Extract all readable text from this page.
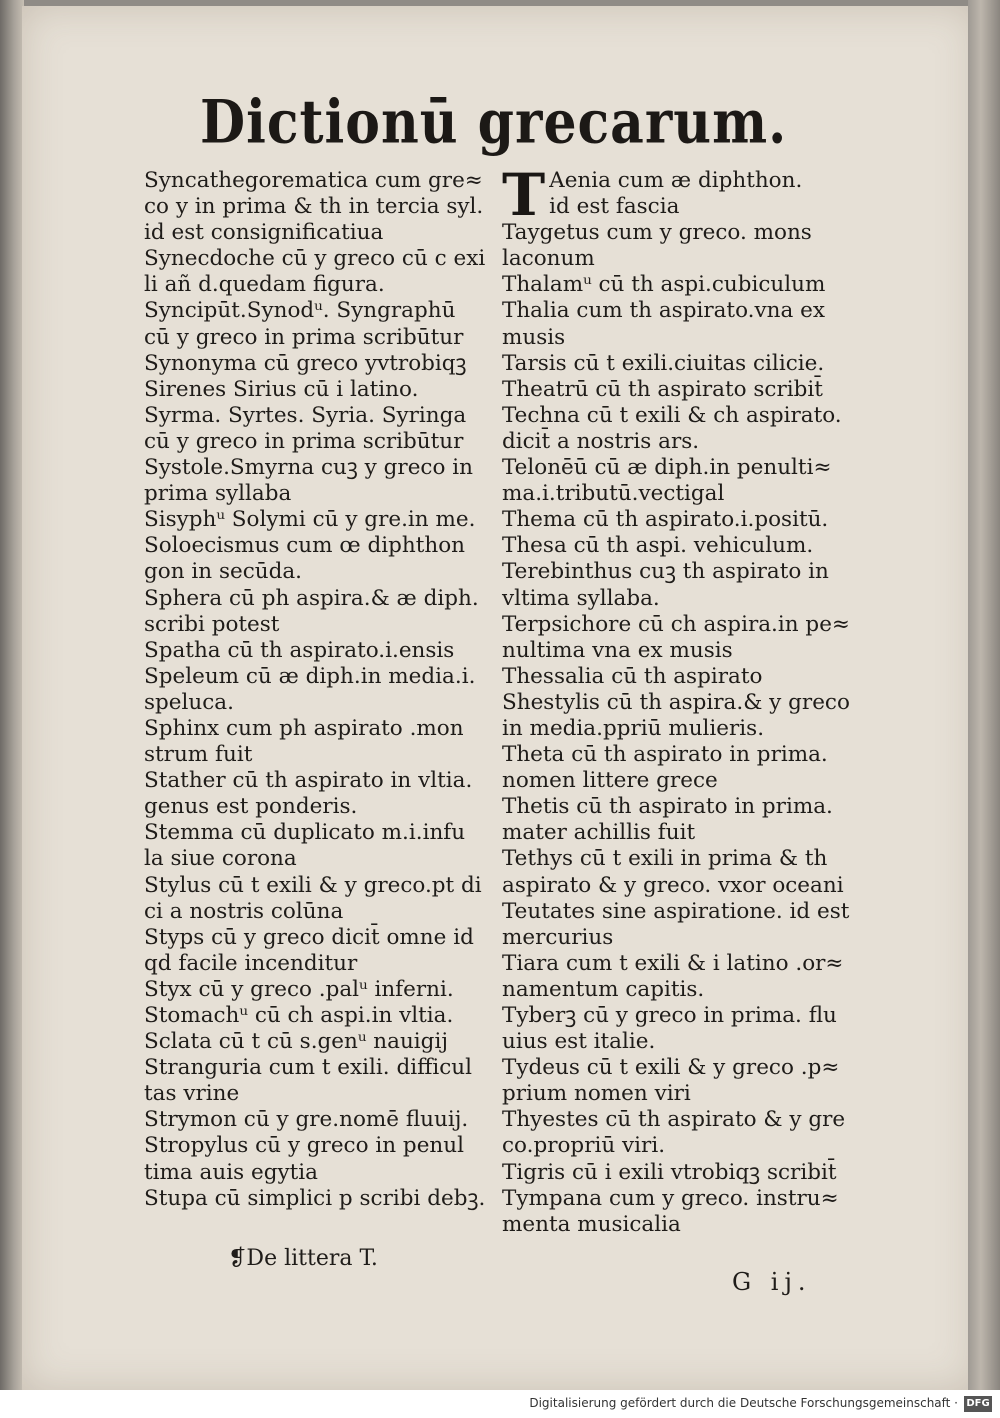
Dictionū grecarum.
Syncathegorematica cum gre≈
co y in prima & th in tercia syl.
id est consignificatiua
Synecdoche cū y greco cū c exi
li añ d.quedam figura.
Syncipūt.Synodᵘ. Syngraphū
cū y greco in prima scribūtur
Synonyma cū greco yvtrobiqꝫ
Sirenes Sirius cū i latino.
Syrma. Syrtes. Syria. Syringa
cū y greco in prima scribūtur
Systole.Smyrna cuꝫ y greco in
prima syllaba
Sisyphᵘ Solymi cū y gre.in me.
Soloecismus cum œ diphthon
gon in secūda.
Sphera cū ph aspira.& æ diph.
scribi potest
Spatha cū th aspirato.i.ensis
Speleum cū æ diph.in media.i.
speluca.
Sphinx cum ph aspirato .mon
strum fuit
Stather cū th aspirato in vltia.
genus est ponderis.
Stemma cū duplicato m.i.infu
la siue corona
Stylus cū t exili & y greco.pt di
ci a nostris colūna
Styps cū y greco dicit̄ omne id
qd facile incenditur
Styx cū y greco .palᵘ inferni.
Stomachᵘ cū ch aspi.in vltia.
Sclata cū t cū s.genᵘ nauigij
Stranguria cum t exili. difficul
tas vrine
Strymon cū y gre.nomē fluuij.
Stropylus cū y greco in penul
tima auis egytia
Stupa cū simplici p scribi debꝫ.
❡De littera T.
T Aenia cum æ diphthon.
id est fascia
Taygetus cum y greco. mons
laconum
Thalamᵘ cū th aspi.cubiculum
Thalia cum th aspirato.vna ex
musis
Tarsis cū t exili.ciuitas cilicie.
Theatrū cū th aspirato scribit̄
Techna cū t exili & ch aspirato.
dicit̄ a nostris ars.
Telonēū cū æ diph.in penulti≈
ma.i.tributū.vectigal
Thema cū th aspirato.i.positū.
Thesa cū th aspi. vehiculum.
Terebinthus cuꝫ th aspirato in
vltima syllaba.
Terpsichore cū ch aspira.in pe≈
nultima vna ex musis
Thessalia cū th aspirato
Shestylis cū th aspira.& y greco
in media.ppriū mulieris.
Theta cū th aspirato in prima.
nomen littere grece
Thetis cū th aspirato in prima.
mater achillis fuit
Tethys cū t exili in prima & th
aspirato & y greco. vxor oceani
Teutates sine aspiratione. id est
mercurius
Tiara cum t exili & i latino .or≈
namentum capitis.
Tyberꝫ cū y greco in prima. flu
uius est italie.
Tydeus cū t exili & y greco .p≈
prium nomen viri
Thyestes cū th aspirato & y gre
co.propriū viri.
Tigris cū i exili vtrobiqꝫ scribit̄
Tympana cum y greco. instru≈
menta musicalia
G ij.
Digitalisierung gefördert durch die Deutsche Forschungsgemeinschaft · DFG
